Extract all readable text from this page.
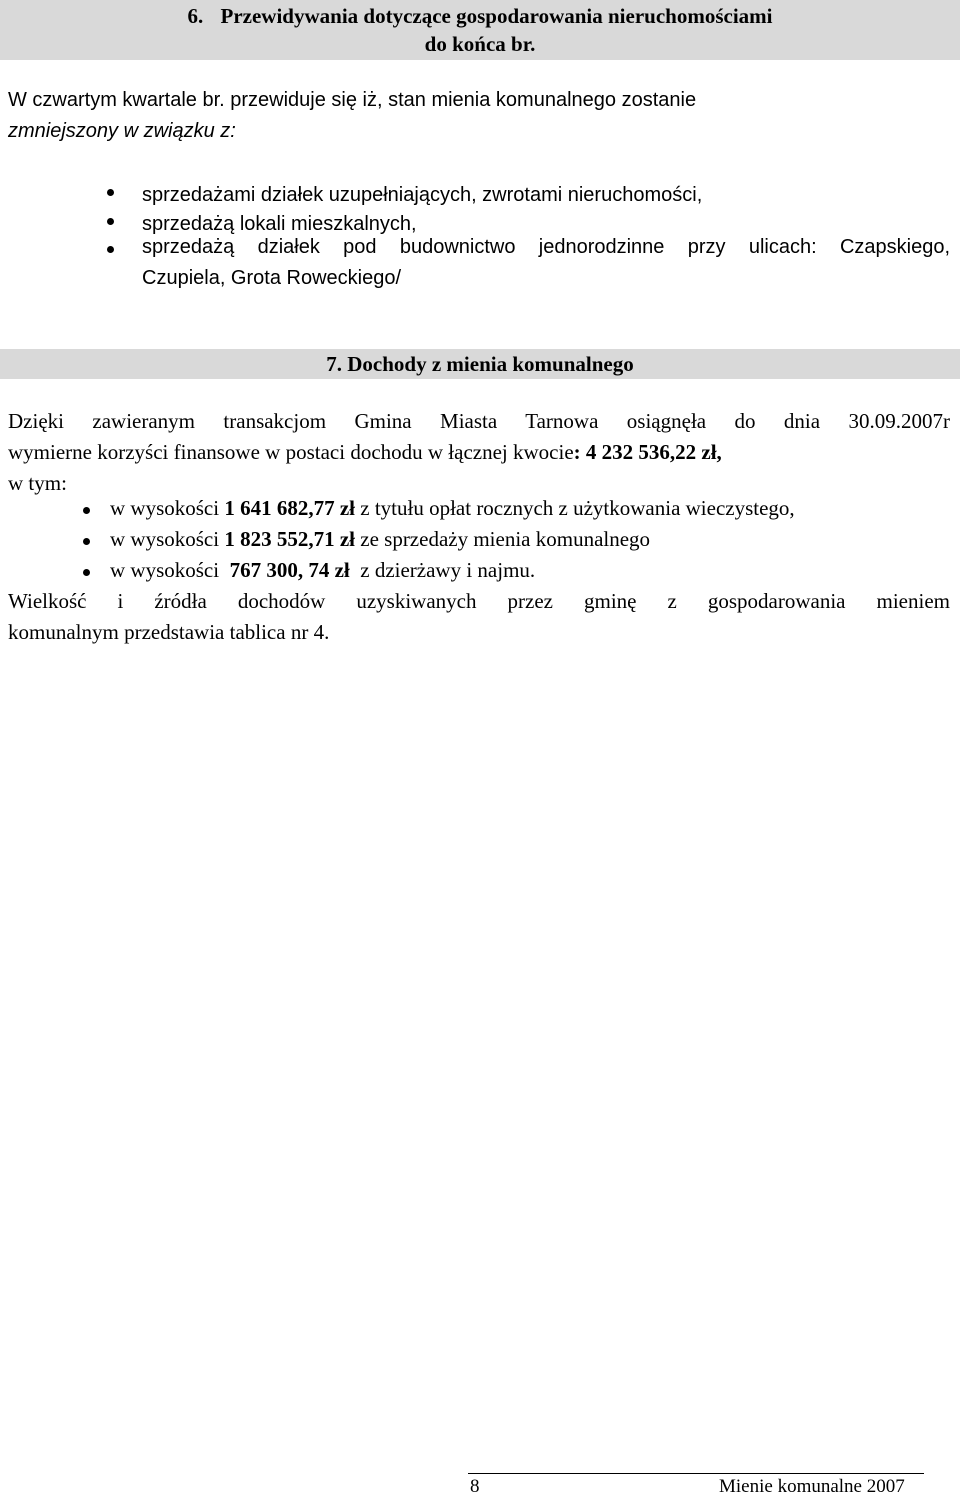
6. Przewidywania dotyczące gospodarowania nieruchomościami
do końca br.
W czwartym kwartale br. przewiduje się iż, stan mienia komunalnego zostanie
zmniejszony w związku z:
sprzedażami działek uzupełniających, zwrotami nieruchomości,
sprzedażą lokali mieszkalnych,
sprzedażą działek pod budownictwo jednorodzinne przy ulicach: Czapskiego,
Czupiela, Grota Roweckiego/
7. Dochody z mienia komunalnego
Dzięki zawieranym transakcjom Gmina Miasta Tarnowa osiągnęła do dnia 30.09.2007r
wymierne korzyści finansowe w postaci dochodu w łącznej kwocie: 4 232 536,22 zł,
w tym:
w wysokości 1 641 682,77 zł z tytułu opłat rocznych z użytkowania wieczystego,
w wysokości 1 823 552,71 zł ze sprzedaży mienia komunalnego
w wysokości  767 300, 74 zł  z dzierżawy i najmu.
Wielkość i źródła dochodów uzyskiwanych przez gminę z gospodarowania mieniem
komunalnym przedstawia tablica nr 4.
8	Mienie komunalne 2007
